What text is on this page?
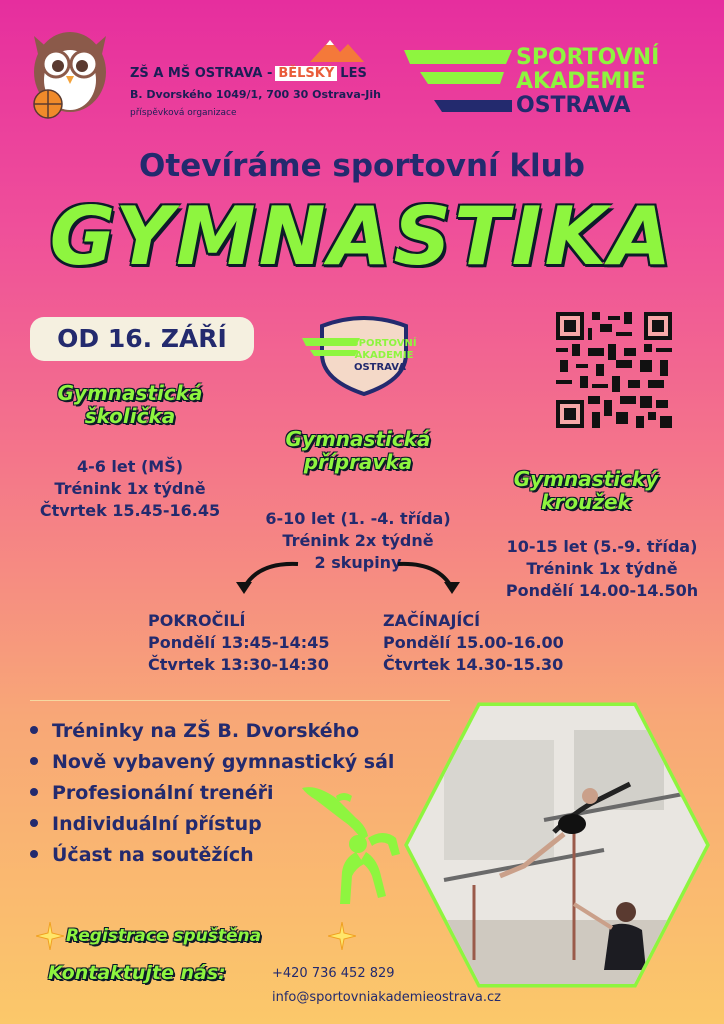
ZŠ A MŠ OSTRAVA - BĚLSKÝ LES
B. Dvorského 1049/1, 700 30 Ostrava-Jih
příspěvková organizace
SPORTOVNÍ
AKADEMIE
OSTRAVA
Otevíráme sportovní klub
GYMNASTIKA
OD 16. ZÁŘÍ	SPORTOVNÍ
AKADEMIE
OSTRAVA
Gymnastická
školička
4-6 let (MŠ)
Trénink 1x týdně
Čtvrtek 15.45-16.45
Gymnastická
přípravka
6-10 let (1. -4. třída)
Trénink 2x týdně
2 skupiny
Gymnastický
kroužek
10-15 let (5.-9. třída)
Trénink 1x týdně
Pondělí 14.00-14.50h
POKROČILÍ
Pondělí 13:45-14:45
Čtvrtek 13:30-14:30
ZAČÍNAJÍCÍ
Pondělí 15.00-16.00
Čtvrtek 14.30-15.30
Tréninky na ZŠ B. Dvorského
Nově vybavený gymnastický sál
Profesionální trenéři
Individuální přístup
Účast na soutěžích
Registrace spuštěna
Kontaktujte nás:	+420 736 452 829
info@sportovniakademieostrava.cz
